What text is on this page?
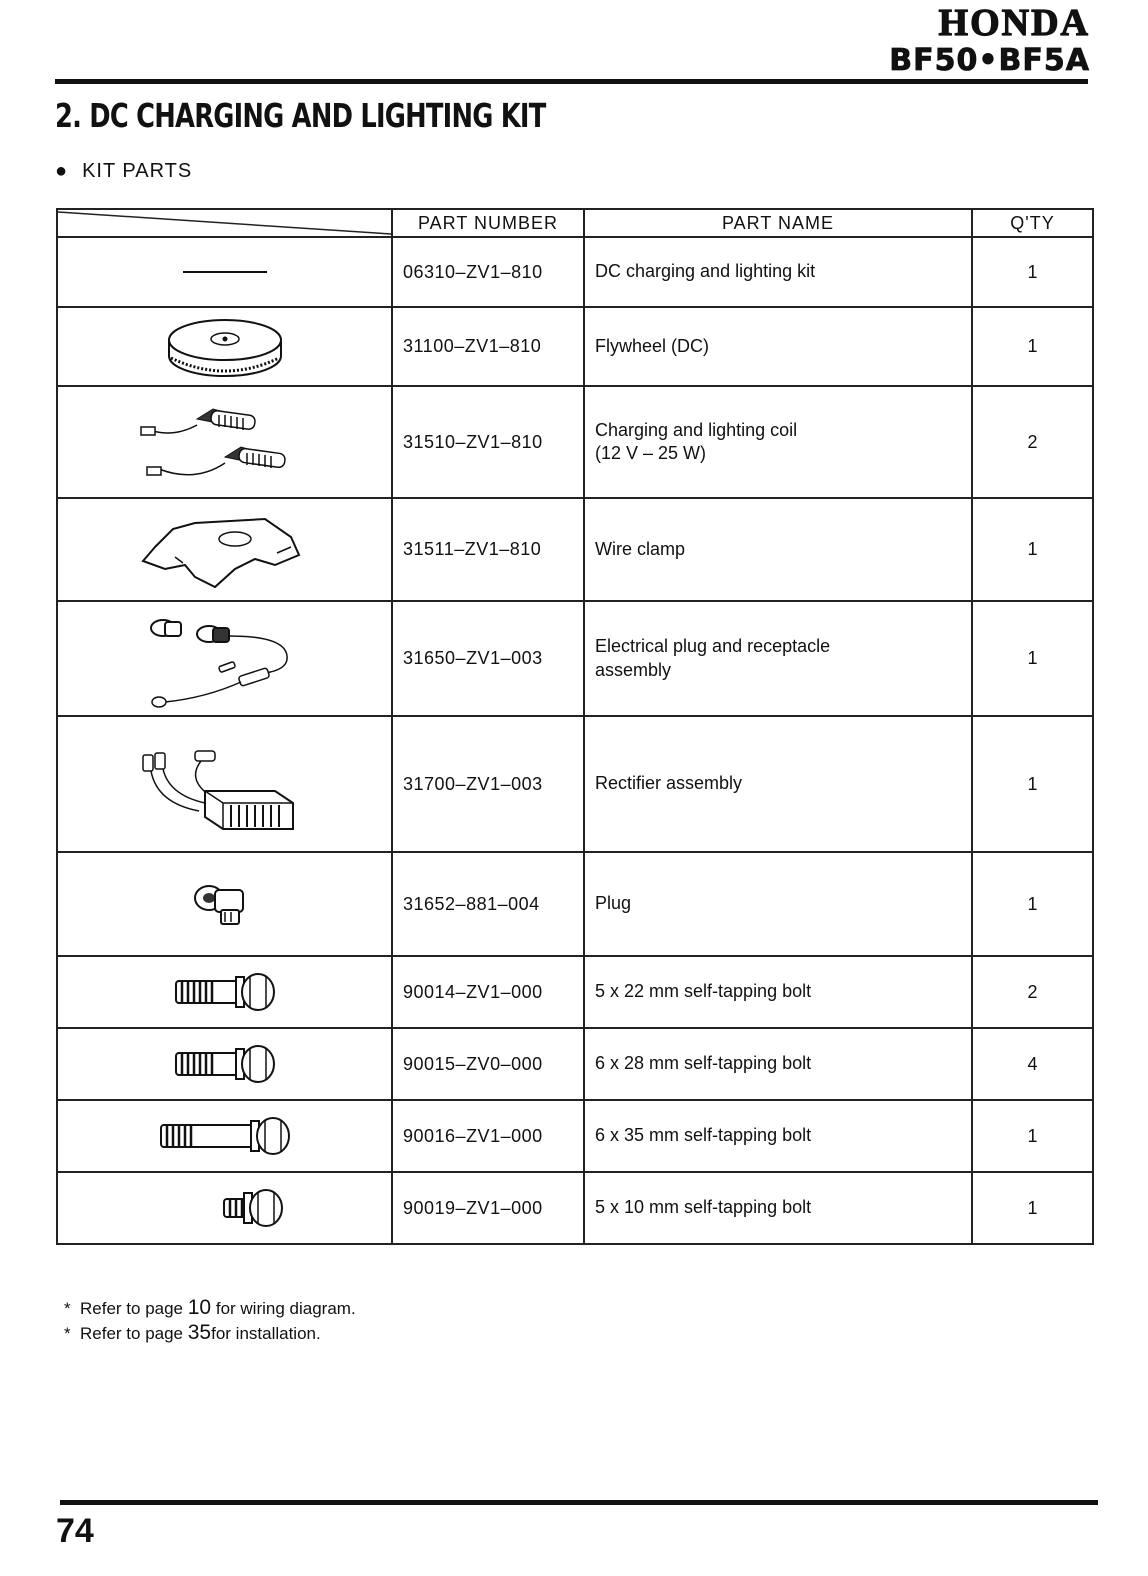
HONDA
BF50•BF5A
2. DC CHARGING AND LIGHTING KIT
● KIT PARTS
	PART NUMBER	PART NAME	Q'TY

	06310–ZV1–810	DC charging and lighting kit	1

	31100–ZV1–810	Flywheel (DC)	1

	31510–ZV1–810	Charging and lighting coil
(12 V – 25 W)	2

	31511–ZV1–810	Wire clamp	1

	31650–ZV1–003	Electrical plug and receptacle
assembly	1

	31700–ZV1–003	Rectifier assembly	1

	31652–881–004	Plug	1

	90014–ZV1–000	5 x 22 mm self-tapping bolt	2

	90015–ZV0–000	6 x 28 mm self-tapping bolt	4

	90016–ZV1–000	6 x 35 mm self-tapping bolt	1

	90019–ZV1–000	5 x 10 mm self-tapping bolt	1
* Refer to page 10 for wiring diagram.
* Refer to page 35for installation.
74
